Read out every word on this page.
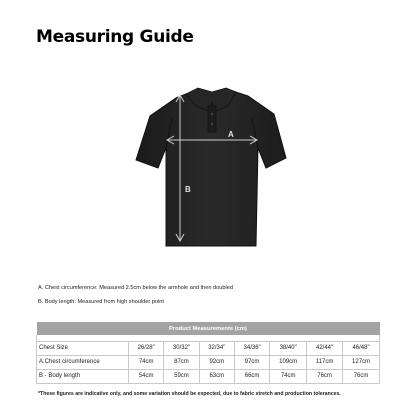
Measuring Guide
A
B
A. Chest circumference: Measured 2.5cm below the armhole and then doubled
B. Body length: Measured from high shoulder point
Product Measurements (cm)							

Chest Size	26/28"	30/32"	32/34"	34/36"	38/40"	42/44"	46/48"
A.Chest circumference	74cm	87cm	92cm	97cm	109cm	117cm	127cm
B - Body length	54cm	59cm	63cm	66cm	74cm	76cm	76cm
*These figures are indicative only, and some variation should be expected, due to fabric stretch and production tolerances.
